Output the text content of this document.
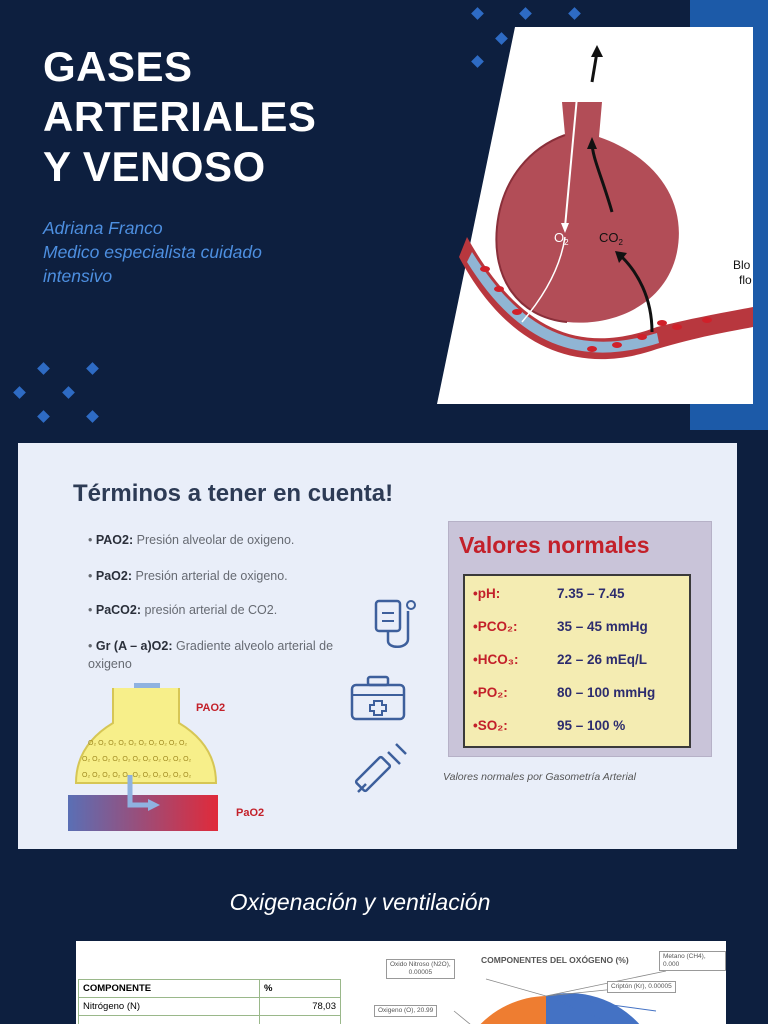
GASES ARTERIALES
Y VENOSO
Adriana Franco
Medico especialista cuidado
intensivo
$O_2$ $CO_2$
Blo
flo
Términos a tener en cuenta!
• PAO2: Presión alveolar de oxigeno.
• PaO2: Presión arterial de oxigeno.
• PaCO2: presión arterial de CO2.
• Gr (A – a)O2: Gradiente alveolo arterial de oxigeno
O₂ O₂ O₂ O₂ O₂ O₂ O₂ O₂ O₂ O₂
O₂ O₂ O₂ O₂ O₂ O₂ O₂ O₂ O₂ O₂ O₂
O₂ O₂ O₂ O₂ O₂ O₂ O₂ O₂ O₂ O₂ O₂
PAO2
PaO2
Valores normales
•pH:	7.35 – 7.45
•PCO₂:	35 – 45 mmHg
•HCO₃:	22 – 26 mEq/L
•PO₂:	80 – 100 mmHg
•SO₂:	95 – 100 %
Valores normales por Gasometría Arterial
Oxigenación y ventilación
COMPONENTE	%
Nitrógeno (N)	78,03

COMPONENTES DEL OXÓGENO (%)
Oxido Nitroso (N2O),
0.00005
Metano (CH4), 0.000
Criptón (Kr), 0.00005
Oxigeno (O), 20.99
